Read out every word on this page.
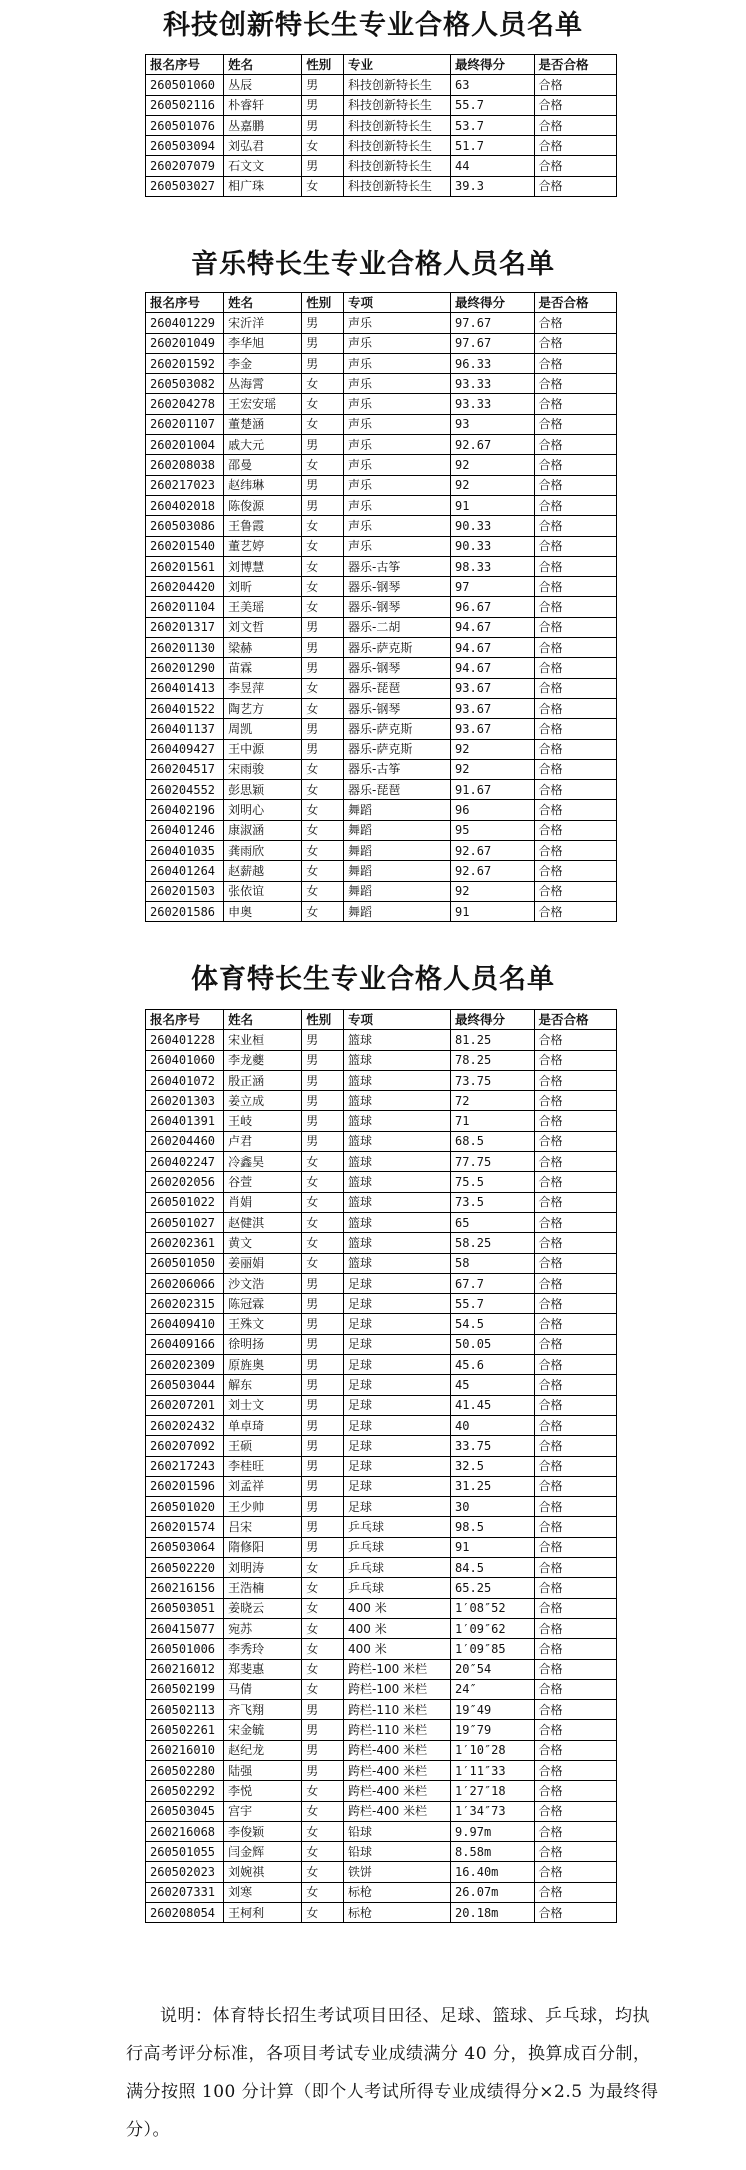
科技创新特长生专业合格人员名单
报名序号	姓名	性别	专业	最终得分	是否合格
260501060	丛辰	男	科技创新特长生	63	合格
260502116	朴睿轩	男	科技创新特长生	55.7	合格
260501076	丛嘉鹏	男	科技创新特长生	53.7	合格
260503094	刘弘君	女	科技创新特长生	51.7	合格
260207079	石文文	男	科技创新特长生	44	合格
260503027	相广珠	女	科技创新特长生	39.3	合格
音乐特长生专业合格人员名单
报名序号	姓名	性别	专项	最终得分	是否合格
260401229	宋沂洋	男	声乐	97.67	合格
260201049	李华旭	男	声乐	97.67	合格
260201592	李金	男	声乐	96.33	合格
260503082	丛海霄	女	声乐	93.33	合格
260204278	王宏安瑶	女	声乐	93.33	合格
260201107	董楚涵	女	声乐	93	合格
260201004	戚大元	男	声乐	92.67	合格
260208038	邵曼	女	声乐	92	合格
260217023	赵纬琳	男	声乐	92	合格
260402018	陈俊源	男	声乐	91	合格
260503086	王鲁霞	女	声乐	90.33	合格
260201540	董艺婷	女	声乐	90.33	合格
260201561	刘博慧	女	器乐-古筝	98.33	合格
260204420	刘昕	女	器乐-钢琴	97	合格
260201104	王美瑶	女	器乐-钢琴	96.67	合格
260201317	刘文哲	男	器乐-二胡	94.67	合格
260201130	梁赫	男	器乐-萨克斯	94.67	合格
260201290	苗霖	男	器乐-钢琴	94.67	合格
260401413	李昱萍	女	器乐-琵琶	93.67	合格
260401522	陶艺方	女	器乐-钢琴	93.67	合格
260401137	周凯	男	器乐-萨克斯	93.67	合格
260409427	王中源	男	器乐-萨克斯	92	合格
260204517	宋雨骏	女	器乐-古筝	92	合格
260204552	彭思颖	女	器乐-琵琶	91.67	合格
260402196	刘明心	女	舞蹈	96	合格
260401246	康淑涵	女	舞蹈	95	合格
260401035	龚雨欣	女	舞蹈	92.67	合格
260401264	赵薪越	女	舞蹈	92.67	合格
260201503	张依谊	女	舞蹈	92	合格
260201586	申奥	女	舞蹈	91	合格
体育特长生专业合格人员名单
报名序号	姓名	性别	专项	最终得分	是否合格
260401228	宋业桓	男	篮球	81.25	合格
260401060	李龙夔	男	篮球	78.25	合格
260401072	殷正涵	男	篮球	73.75	合格
260201303	姜立成	男	篮球	72	合格
260401391	王岐	男	篮球	71	合格
260204460	卢君	男	篮球	68.5	合格
260402247	冷鑫昊	女	篮球	77.75	合格
260202056	谷萱	女	篮球	75.5	合格
260501022	肖娟	女	篮球	73.5	合格
260501027	赵健淇	女	篮球	65	合格
260202361	黄文	女	篮球	58.25	合格
260501050	姜丽娟	女	篮球	58	合格
260206066	沙文浩	男	足球	67.7	合格
260202315	陈冠霖	男	足球	55.7	合格
260409410	王殊文	男	足球	54.5	合格
260409166	徐明扬	男	足球	50.05	合格
260202309	原旌奥	男	足球	45.6	合格
260503044	解东	男	足球	45	合格
260207201	刘士文	男	足球	41.45	合格
260202432	单卓琦	男	足球	40	合格
260207092	王硕	男	足球	33.75	合格
260217243	李桂旺	男	足球	32.5	合格
260201596	刘孟祥	男	足球	31.25	合格
260501020	王少帅	男	足球	30	合格
260201574	吕宋	男	乒乓球	98.5	合格
260503064	隋修阳	男	乒乓球	91	合格
260502220	刘明涛	女	乒乓球	84.5	合格
260216156	王浩楠	女	乒乓球	65.25	合格
260503051	姜晓云	女	400 米	1′08″52	合格
260415077	宛苏	女	400 米	1′09″62	合格
260501006	李秀玲	女	400 米	1′09″85	合格
260216012	郑斐惠	女	跨栏-100 米栏	20″54	合格
260502199	马倩	女	跨栏-100 米栏	24″	合格
260502113	齐飞翔	男	跨栏-110 米栏	19″49	合格
260502261	宋金毓	男	跨栏-110 米栏	19″79	合格
260216010	赵纪龙	男	跨栏-400 米栏	1′10″28	合格
260502280	陆强	男	跨栏-400 米栏	1′11″33	合格
260502292	李悦	女	跨栏-400 米栏	1′27″18	合格
260503045	宫宇	女	跨栏-400 米栏	1′34″73	合格
260216068	李俊颖	女	铅球	9.97m	合格
260501055	闫金辉	女	铅球	8.58m	合格
260502023	刘婉祺	女	铁饼	16.40m	合格
260207331	刘寒	女	标枪	26.07m	合格
260208054	王柯利	女	标枪	20.18m	合格

说明：体育特长招生考试项目田径、足球、篮球、乒乓球，均执行高考评分标准，各项目考试专业成绩满分 40 分，换算成百分制，满分按照 100 分计算（即个人考试所得专业成绩得分×2.5 为最终得分）。
